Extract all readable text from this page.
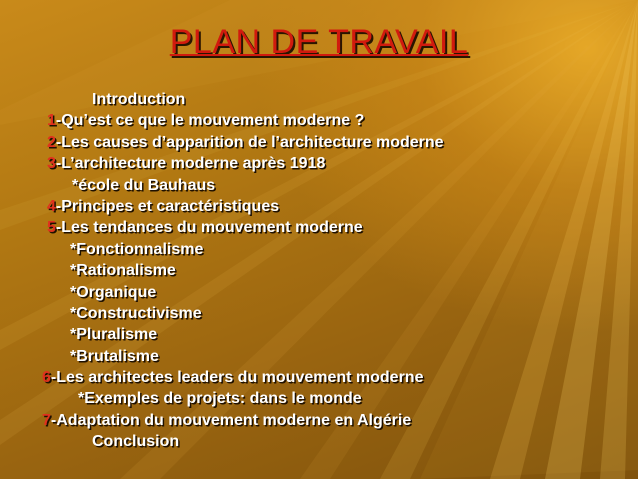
PLAN DE TRAVAIL
Introduction
1-Qu’est ce que le mouvement moderne ?
2-Les causes d’apparition de l’architecture moderne
3-L’architecture moderne après 1918
*école du Bauhaus
4-Principes et caractéristiques
5-Les tendances du mouvement moderne
*Fonctionnalisme
*Rationalisme
*Organique
*Constructivisme
*Pluralisme
*Brutalisme
6-Les architectes leaders du mouvement moderne
*Exemples de projets: dans le monde
7-Adaptation du mouvement moderne en Algérie
Conclusion
